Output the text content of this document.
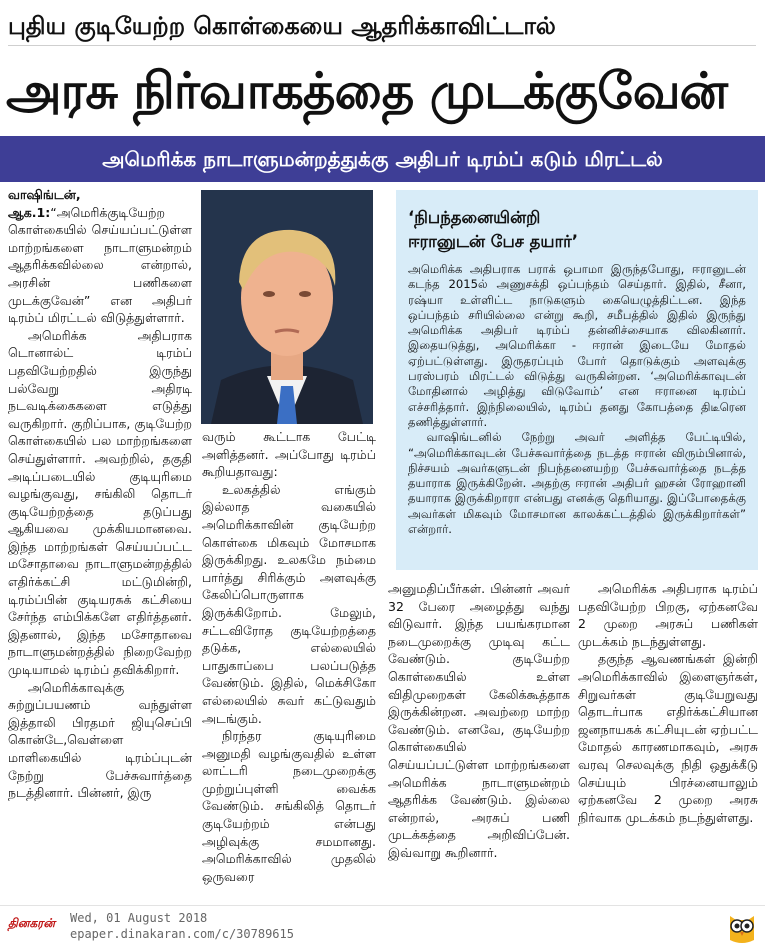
புதிய குடியேற்ற கொள்கையை ஆதரிக்காவிட்டால்
அரசு நிர்வாகத்தை முடக்குவேன்
அமெரிக்க நாடாளுமன்றத்துக்கு அதிபர் டிரம்ப் கடும் மிரட்டல்

வாஷிங்டன், ஆக.1:“அமெரிக்குடியேற்ற கொள்கையில் செய்யப்பட்டுள்ள மாற்றங்களை நாடாளுமன்றம் ஆதரிக்கவில்லை என்றால், அரசின் பணிகளை முடக்குவேன்” என அதிபர் டிரம்ப் மிரட்டல் விடுத்துள்ளார்.

அமெரிக்க அதிபராக டொனால்ட் டிரம்ப் பதவியேற்றதில் இருந்து பல்வேறு அதிரடி நடவடிக்கைகளை எடுத்து வருகிறார். குறிப்பாக, குடியேற்ற கொள்கையில் பல மாற்றங்களை செய்துள்ளார். அவற்றில், தகுதி அடிப்படையில் குடியுரிமை வழங்குவது, சங்கிலி தொடர் குடியேற்றத்தை தடுப்பது ஆகியவை முக்கியமானவை. இந்த மாற்றங்கள் செய்யப்பட்ட மசோதாவை நாடாளுமன்றத்தில் எதிர்க்கட்சி மட்டுமின்றி, டிரம்ப்பின் குடியரசுக் கட்சியை சேர்ந்த எம்பிக்களே எதிர்த்தனர். இதனால், இந்த மசோதாவை நாடாளுமன்றத்தில் நிறைவேற்ற முடியாமல் டிரம்ப் தவிக்கிறார்.

அமெரிக்காவுக்கு சுற்றுப்பயணம் வந்துள்ள இத்தாலி பிரதமர் ஜியுசெப்பி கொன்டே,வெள்ளை மாளிகையில் டிரம்ப்புடன் நேற்று பேச்சுவார்த்தை நடத்தினார். பின்னர், இரு

வரும் கூட்டாக பேட்டி அளித்தனர். அப்போது டிரம்ப் கூறியதாவது:

உலகத்தில் எங்கும் இல்லாத வகையில் அமெரிக்காவின் குடியேற்ற கொள்கை மிகவும் மோசமாக இருக்கிறது. உலகமே நம்மை பார்த்து சிரிக்கும் அளவுக்கு கேலிப்பொருளாக இருக்கிறோம். மேலும், சட்டவிரோத குடியேற்றத்தை தடுக்க, எல்லையில் பாதுகாப்பை பலப்படுத்த வேண்டும். இதில், மெக்சிகோ எல்லையில் சுவர் கட்டுவதும் அடங்கும்.

நிரந்தர குடியுரிமை அனுமதி வழங்குவதில் உள்ள லாட்டரி நடைமுறைக்கு முற்றுப்புள்ளி வைக்க வேண்டும். சங்கிலித் தொடர் குடியேற்றம் என்பது அழிவுக்கு சமமானது. அமெரிக்காவில் முதலில் ஒருவரை

‘நிபந்தனையின்றி
ஈரானுடன் பேச தயார்’

அமெரிக்க அதிபராக பராக் ஒபாமா இருந்தபோது, ஈரானுடன் கடந்த 2015ல் அணுசக்தி ஒப்பந்தம் செய்தார். இதில், சீனா, ரஷ்யா உள்ளிட்ட நாடுகளும் கையெழுத்திட்டன. இந்த ஒப்பந்தம் சரியில்லை என்று கூறி, சமீபத்தில் இதில் இருந்து அமெரிக்க அதிபர் டிரம்ப் தன்னிச்சையாக விலகினார். இதையடுத்து, அமெரிக்கா - ஈரான் இடையே மோதல் ஏற்பட்டுள்ளது. இருதரப்பும் போர் தொடுக்கும் அளவுக்கு பரஸ்பரம் மிரட்டல் விடுத்து வருகின்றன. ‘அமெரிக்காவுடன் மோதினால் அழித்து விடுவோம்’ என ஈரானை டிரம்ப் எச்சரித்தார். இந்நிலையில், டிரம்ப் தனது கோபத்தை திடீரென தணித்துள்ளார்.

வாஷிங்டனில் நேற்று அவர் அளித்த பேட்டியில், “அமெரிக்காவுடன் பேச்சுவார்த்தை நடத்த ஈரான் விரும்பினால், நிச்சயம் அவர்களுடன் நிபந்தனையற்ற பேச்சுவார்த்தை நடத்த தயாராக இருக்கிறேன். அதற்கு ஈரான் அதிபர் ஹசன் ரோஹானி தயாராக இருக்கிறாரா என்பது எனக்கு தெரியாது. இப்போதைக்கு அவர்கள் மிகவும் மோசமான காலக்கட்டத்தில் இருக்கிறார்கள்” என்றார்.

அனுமதிப்பீர்கள். பின்னர் அவர் 32 பேரை அழைத்து வந்து விடுவார். இந்த பயங்கரமான நடைமுறைக்கு முடிவு கட்ட வேண்டும். குடியேற்ற கொள்கையில் உள்ள விதிமுறைகள் கேலிக்கூத்தாக இருக்கின்றன. அவற்றை மாற்ற வேண்டும். எனவே, குடியேற்ற கொள்கையில் செய்யப்பட்டுள்ள மாற்றங்களை அமெரிக்க நாடாளுமன்றம் ஆதரிக்க வேண்டும். இல்லை என்றால், அரசுப் பணி முடக்கத்தை அறிவிப்பேன். இவ்வாறு கூறினார்.

அமெரிக்க அதிபராக டிரம்ப் பதவியேற்ற பிறகு, ஏற்கனவே 2 முறை அரசுப் பணிகள் முடக்கம் நடந்துள்ளது.

தகுந்த ஆவணங்கள் இன்றி அமெரிக்காவில் இளைஞர்கள், சிறுவர்கள் குடியேறுவது தொடர்பாக எதிர்க்கட்சியான ஜனநாயகக் கட்சியுடன் ஏற்பட்ட மோதல் காரணமாகவும், அரசு வரவு செலவுக்கு நிதி ஒதுக்கீடு செய்யும் பிரச்னையாலும் ஏற்கனவே 2 முறை அரசு நிர்வாக முடக்கம் நடந்துள்ளது.

தினகரன் Wed, 01 August 2018
epaper.dinakaran.com/c/30789615
